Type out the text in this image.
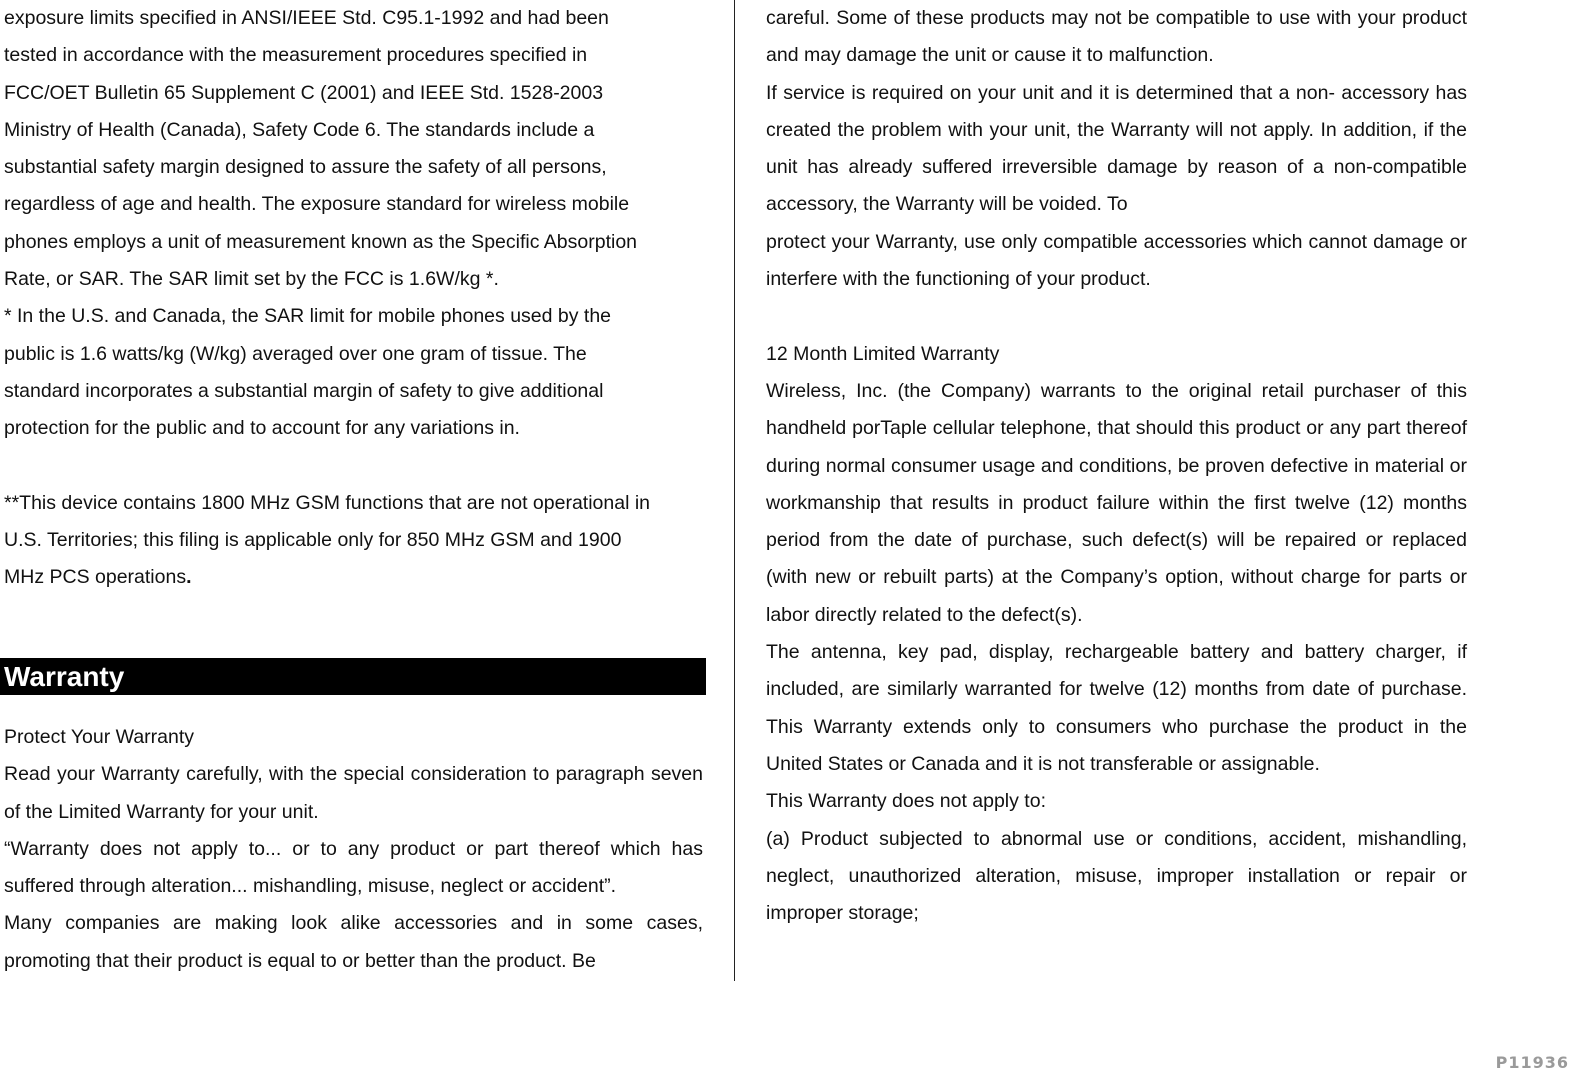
exposure limits specified in ANSI/IEEE Std. C95.1-1992 and had been
tested in accordance with the measurement procedures specified in
FCC/OET Bulletin 65 Supplement C (2001) and IEEE Std. 1528-2003
Ministry of Health (Canada), Safety Code 6. The standards include a
substantial safety margin designed to assure the safety of all persons,
regardless of age and health. The exposure standard for wireless mobile
phones employs a unit of measurement known as the Specific Absorption
Rate, or SAR. The SAR limit set by the FCC is 1.6W/kg *.

* In the U.S. and Canada, the SAR limit for mobile phones used by the
public is 1.6 watts/kg (W/kg) averaged over one gram of tissue. The
standard incorporates a substantial margin of safety to give additional
protection for the public and to account for any variations in.

**This device contains 1800 MHz GSM functions that are not operational in
U.S. Territories; this filing is applicable only for 850 MHz GSM and 1900
MHz PCS operations.

Warranty

Protect Your Warranty

Read your Warranty carefully, with the special consideration to paragraph seven of the Limited Warranty for your unit.

“Warranty does not apply to... or to any product or part thereof which has suffered through alteration... mishandling, misuse, neglect or accident”.

Many companies are making look alike accessories and in some cases, promoting that their product is equal to or better than the product. Be

careful. Some of these products may not be compatible to use with your product and may damage the unit or cause it to malfunction.

If service is required on your unit and it is determined that a non- accessory has created the problem with your unit, the Warranty will not apply. In addition, if the unit has already suffered irreversible damage by reason of a non-compatible accessory, the Warranty will be voided. To

protect your Warranty, use only compatible accessories which cannot damage or interfere with the functioning of your product.

12 Month Limited Warranty

Wireless, Inc. (the Company) warrants to the original retail purchaser of this handheld porTaple cellular telephone, that should this product or any part thereof during normal consumer usage and conditions, be proven defective in material or workmanship that results in product failure within the first twelve (12) months period from the date of purchase, such defect(s) will be repaired or replaced (with new or rebuilt parts) at the Company’s option, without charge for parts or labor directly related to the defect(s).

The antenna, key pad, display, rechargeable battery and battery charger, if included, are similarly warranted for twelve (12) months from date of purchase. This Warranty extends only to consumers who purchase the product in the United States or Canada and it is not transferable or assignable.

This Warranty does not apply to:

(a) Product subjected to abnormal use or conditions, accident, mishandling, neglect, unauthorized alteration, misuse, improper installation or repair or improper storage;

P11936
